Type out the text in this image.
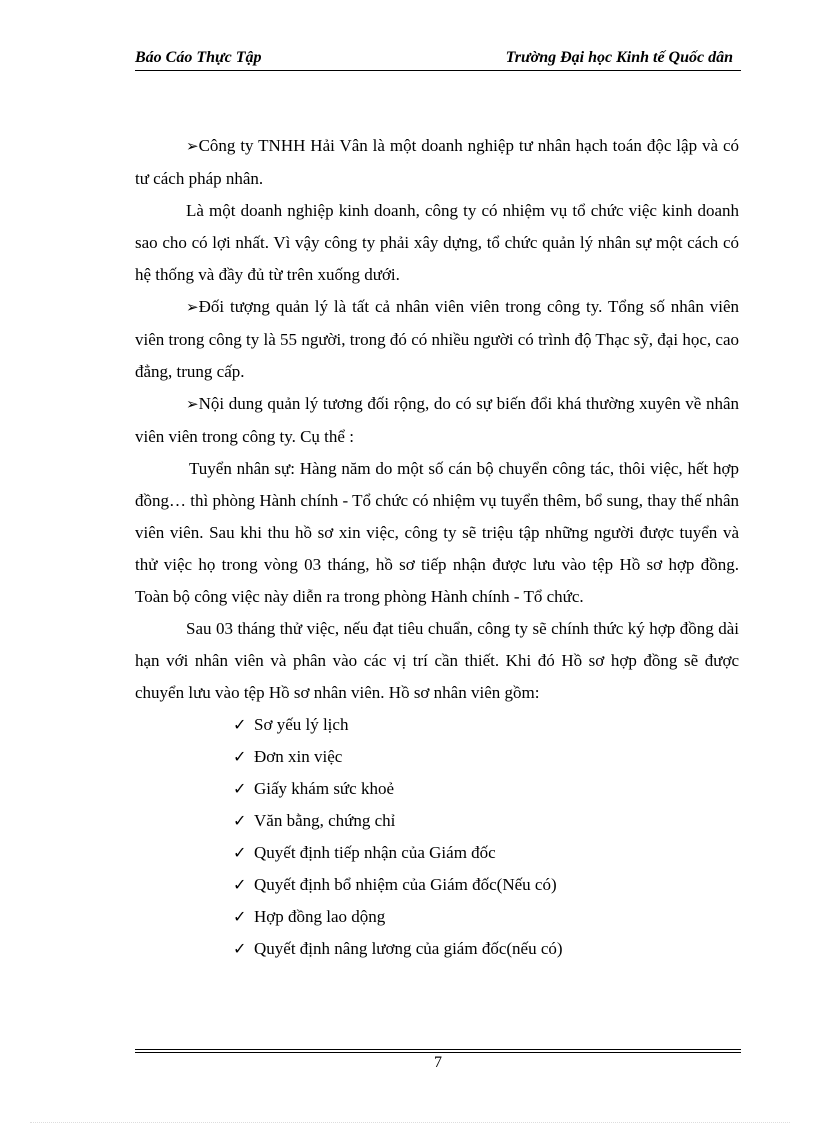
Báo Cáo Thực Tập	Trường Đại học Kinh tế Quốc dân

➢Công ty TNHH Hải Vân là một doanh nghiệp tư nhân hạch toán độc lập và có tư cách pháp nhân.

Là một doanh nghiệp kinh doanh, công ty có nhiệm vụ tổ chức việc kinh doanh sao cho có lợi nhất. Vì vậy công ty phải xây dựng, tổ chức quản lý nhân sự một cách có hệ thống và đầy đủ từ trên xuống dưới.

➢Đối tượng quản lý là tất cả nhân viên viên trong công ty. Tổng số nhân viên viên trong công ty là 55 người, trong đó có nhiều người có trình độ Thạc sỹ, đại học, cao đẳng, trung cấp.

➢Nội dung quản lý tương đối rộng, do có sự biến đổi khá thường xuyên về nhân viên viên trong công ty. Cụ thể :

Tuyển nhân sự: Hàng năm do một số cán bộ chuyển công tác, thôi việc, hết hợp đồng… thì phòng Hành chính - Tổ chức có nhiệm vụ tuyển thêm, bổ sung, thay thế nhân viên viên. Sau khi thu hồ sơ xin việc, công ty sẽ triệu tập những người được tuyển và thử việc họ trong vòng 03 tháng, hồ sơ tiếp nhận được lưu vào tệp Hồ sơ hợp đồng. Toàn bộ công việc này diễn ra trong phòng Hành chính - Tổ chức.

Sau 03 tháng thử việc, nếu đạt tiêu chuẩn, công ty sẽ chính thức ký hợp đồng dài hạn với nhân viên và phân vào các vị trí cần thiết. Khi đó Hồ sơ hợp đồng sẽ được chuyển lưu vào tệp Hồ sơ nhân viên. Hồ sơ nhân viên gồm:

✓ Sơ yếu lý lịch
✓ Đơn xin việc
✓ Giấy khám sức khoẻ
✓ Văn bằng, chứng chỉ
✓ Quyết định tiếp nhận của Giám đốc
✓ Quyết định bổ nhiệm của Giám đốc(Nếu có)
✓ Hợp đồng lao dộng
✓ Quyết định nâng lương của giám đốc(nếu có)
7
